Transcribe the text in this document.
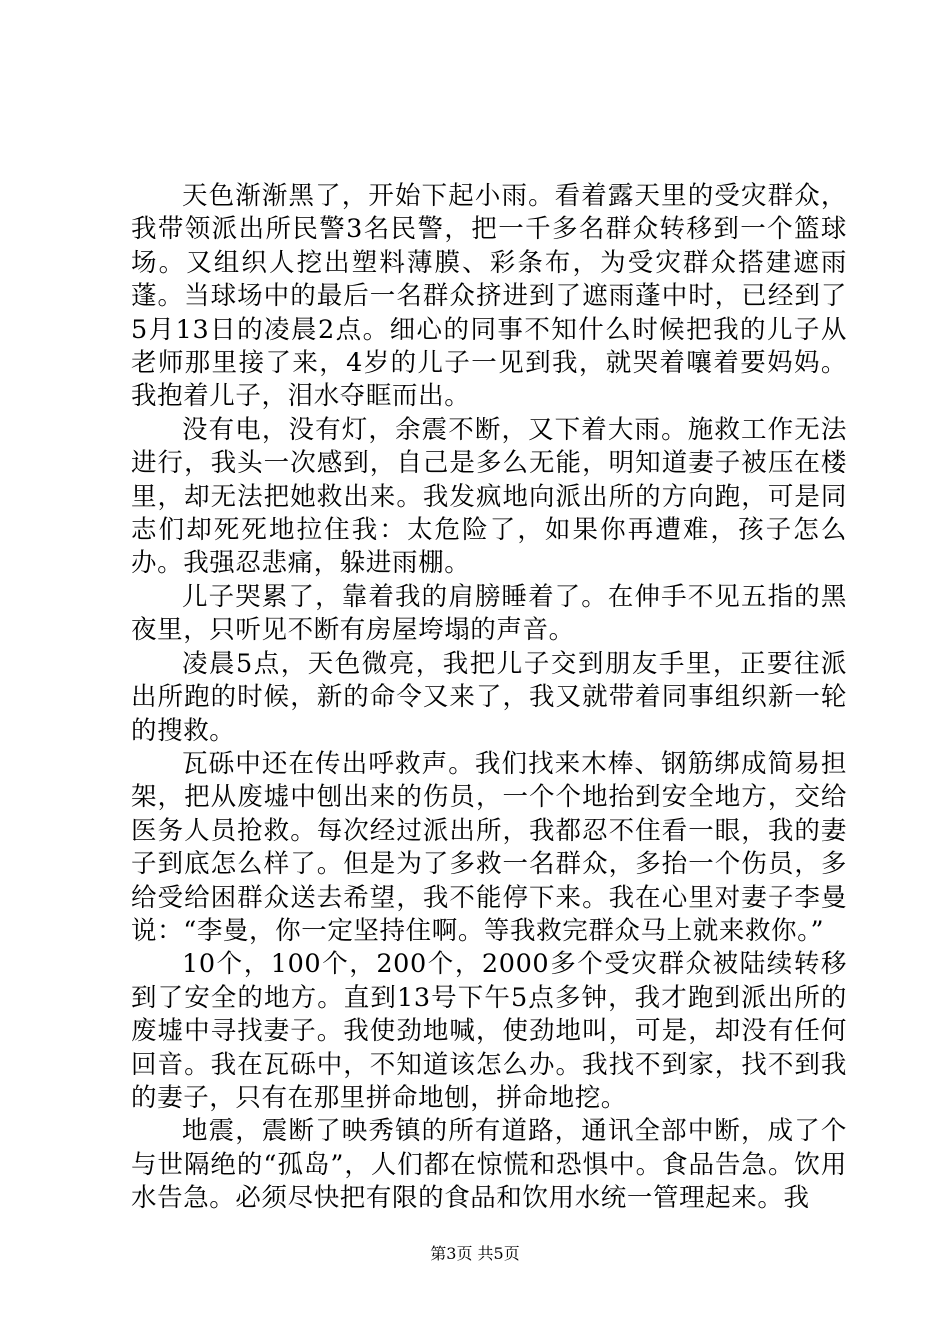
天色渐渐黑了，开始下起小雨。看着露天里的受灾群众，我带领派出所民警3名民警，把一千多名群众转移到一个篮球场。又组织人挖出塑料薄膜、彩条布，为受灾群众搭建遮雨蓬。当球场中的最后一名群众挤进到了遮雨蓬中时，已经到了5月13日的凌晨2点。细心的同事不知什么时候把我的儿子从老师那里接了来，4岁的儿子一见到我，就哭着嚷着要妈妈。我抱着儿子，泪水夺眶而出。

没有电，没有灯，余震不断，又下着大雨。施救工作无法进行，我头一次感到，自己是多么无能，明知道妻子被压在楼里，却无法把她救出来。我发疯地向派出所的方向跑，可是同志们却死死地拉住我：太危险了，如果你再遭难，孩子怎么办。我强忍悲痛，躲进雨棚。

儿子哭累了，靠着我的肩膀睡着了。在伸手不见五指的黑夜里，只听见不断有房屋垮塌的声音。

凌晨5点，天色微亮，我把儿子交到朋友手里，正要往派出所跑的时候，新的命令又来了，我又就带着同事组织新一轮的搜救。

瓦砾中还在传出呼救声。我们找来木棒、钢筋绑成简易担架，把从废墟中刨出来的伤员，一个个地抬到安全地方，交给医务人员抢救。每次经过派出所，我都忍不住看一眼，我的妻子到底怎么样了。但是为了多救一名群众，多抬一个伤员，多给受给困群众送去希望，我不能停下来。我在心里对妻子李曼说：“李曼，你一定坚持住啊。等我救完群众马上就来救你。”

10个，100个，200个，2000多个受灾群众被陆续转移到了安全的地方。直到13号下午5点多钟，我才跑到派出所的废墟中寻找妻子。我使劲地喊，使劲地叫，可是，却没有任何回音。我在瓦砾中，不知道该怎么办。我找不到家，找不到我的妻子，只有在那里拼命地刨，拼命地挖。

地震，震断了映秀镇的所有道路，通讯全部中断，成了个与世隔绝的“孤岛”，人们都在惊慌和恐惧中。食品告急。饮用水告急。必须尽快把有限的食品和饮用水统一管理起来。我

第3页 共5页
